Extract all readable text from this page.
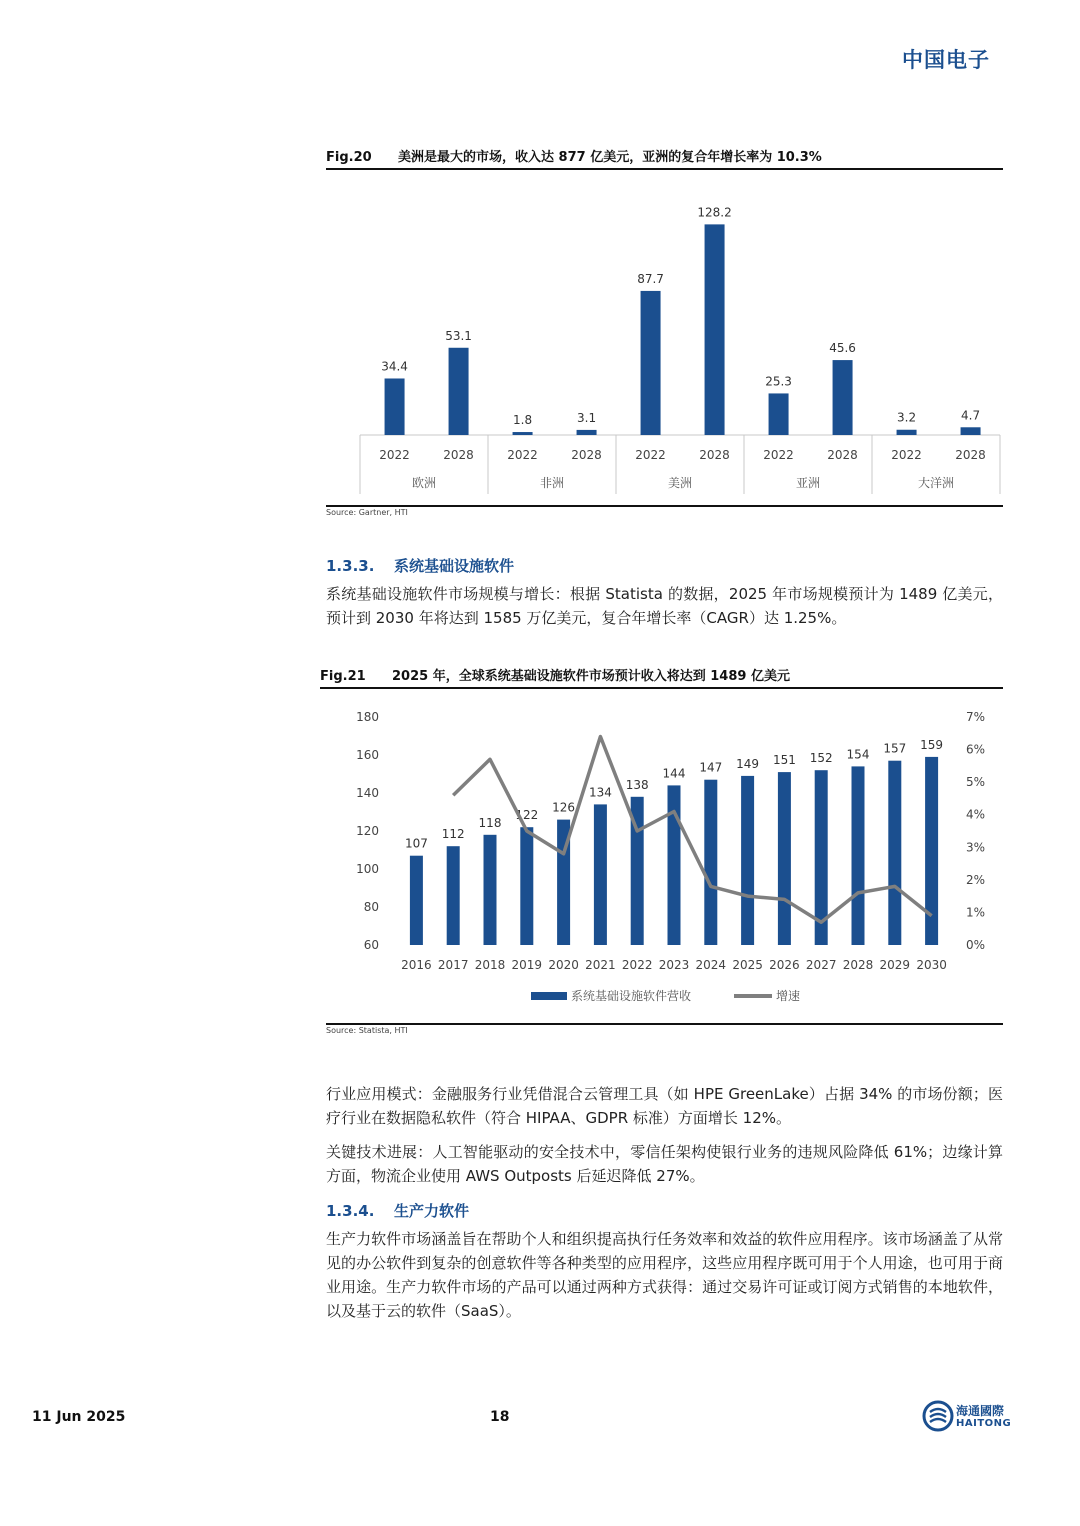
中国电子
Fig.20 美洲是最大的市场，收入达 877 亿美元，亚洲的复合年增长率为 10.3%
34.4
2022
53.1
2028
欧洲
1.8
2022
3.1
2028
非洲
87.7
2022
128.2
2028
美洲
25.3
2022
45.6
2028
亚洲
3.2
2022
4.7
2028
大洋洲
Source: Gartner, HTI
1.3.3. 系统基础设施软件
系统基础设施软件市场规模与增长：根据 Statista 的数据，2025 年市场规模预计为 1489 亿美元，预计到 2030 年将达到 1585 万亿美元，复合年增长率（CAGR）达 1.25%。
Fig.21 2025 年，全球系统基础设施软件市场预计收入将达到 1489 亿美元
60
80
100
120
140
160
180
0%
1%
2%
3%
4%
5%
6%
7%
107
2016
112
2017
118
2018
122
2019
126
2020
134
2021
138
2022
144
2023
147
2024
149
2025
151
2026
152
2027
154
2028
157
2029
159
2030
系统基础设施软件营收	增速
Source: Statista, HTI
行业应用模式：金融服务行业凭借混合云管理工具（如 HPE GreenLake）占据 34% 的市场份额；医疗行业在数据隐私软件（符合 HIPAA、GDPR 标准）方面增长 12%。
关键技术进展：人工智能驱动的安全技术中，零信任架构使银行业务的违规风险降低 61%；边缘计算方面，物流企业使用 AWS Outposts 后延迟降低 27%。
1.3.4. 生产力软件
生产力软件市场涵盖旨在帮助个人和组织提高执行任务效率和效益的软件应用程序。该市场涵盖了从常见的办公软件到复杂的创意软件等各种类型的应用程序，这些应用程序既可用于个人用途，也可用于商业用途。生产力软件市场的产品可以通过两种方式获得：通过交易许可证或订阅方式销售的本地软件，以及基于云的软件（SaaS）。
11 Jun 2025	18	海通國際
HAITONG
